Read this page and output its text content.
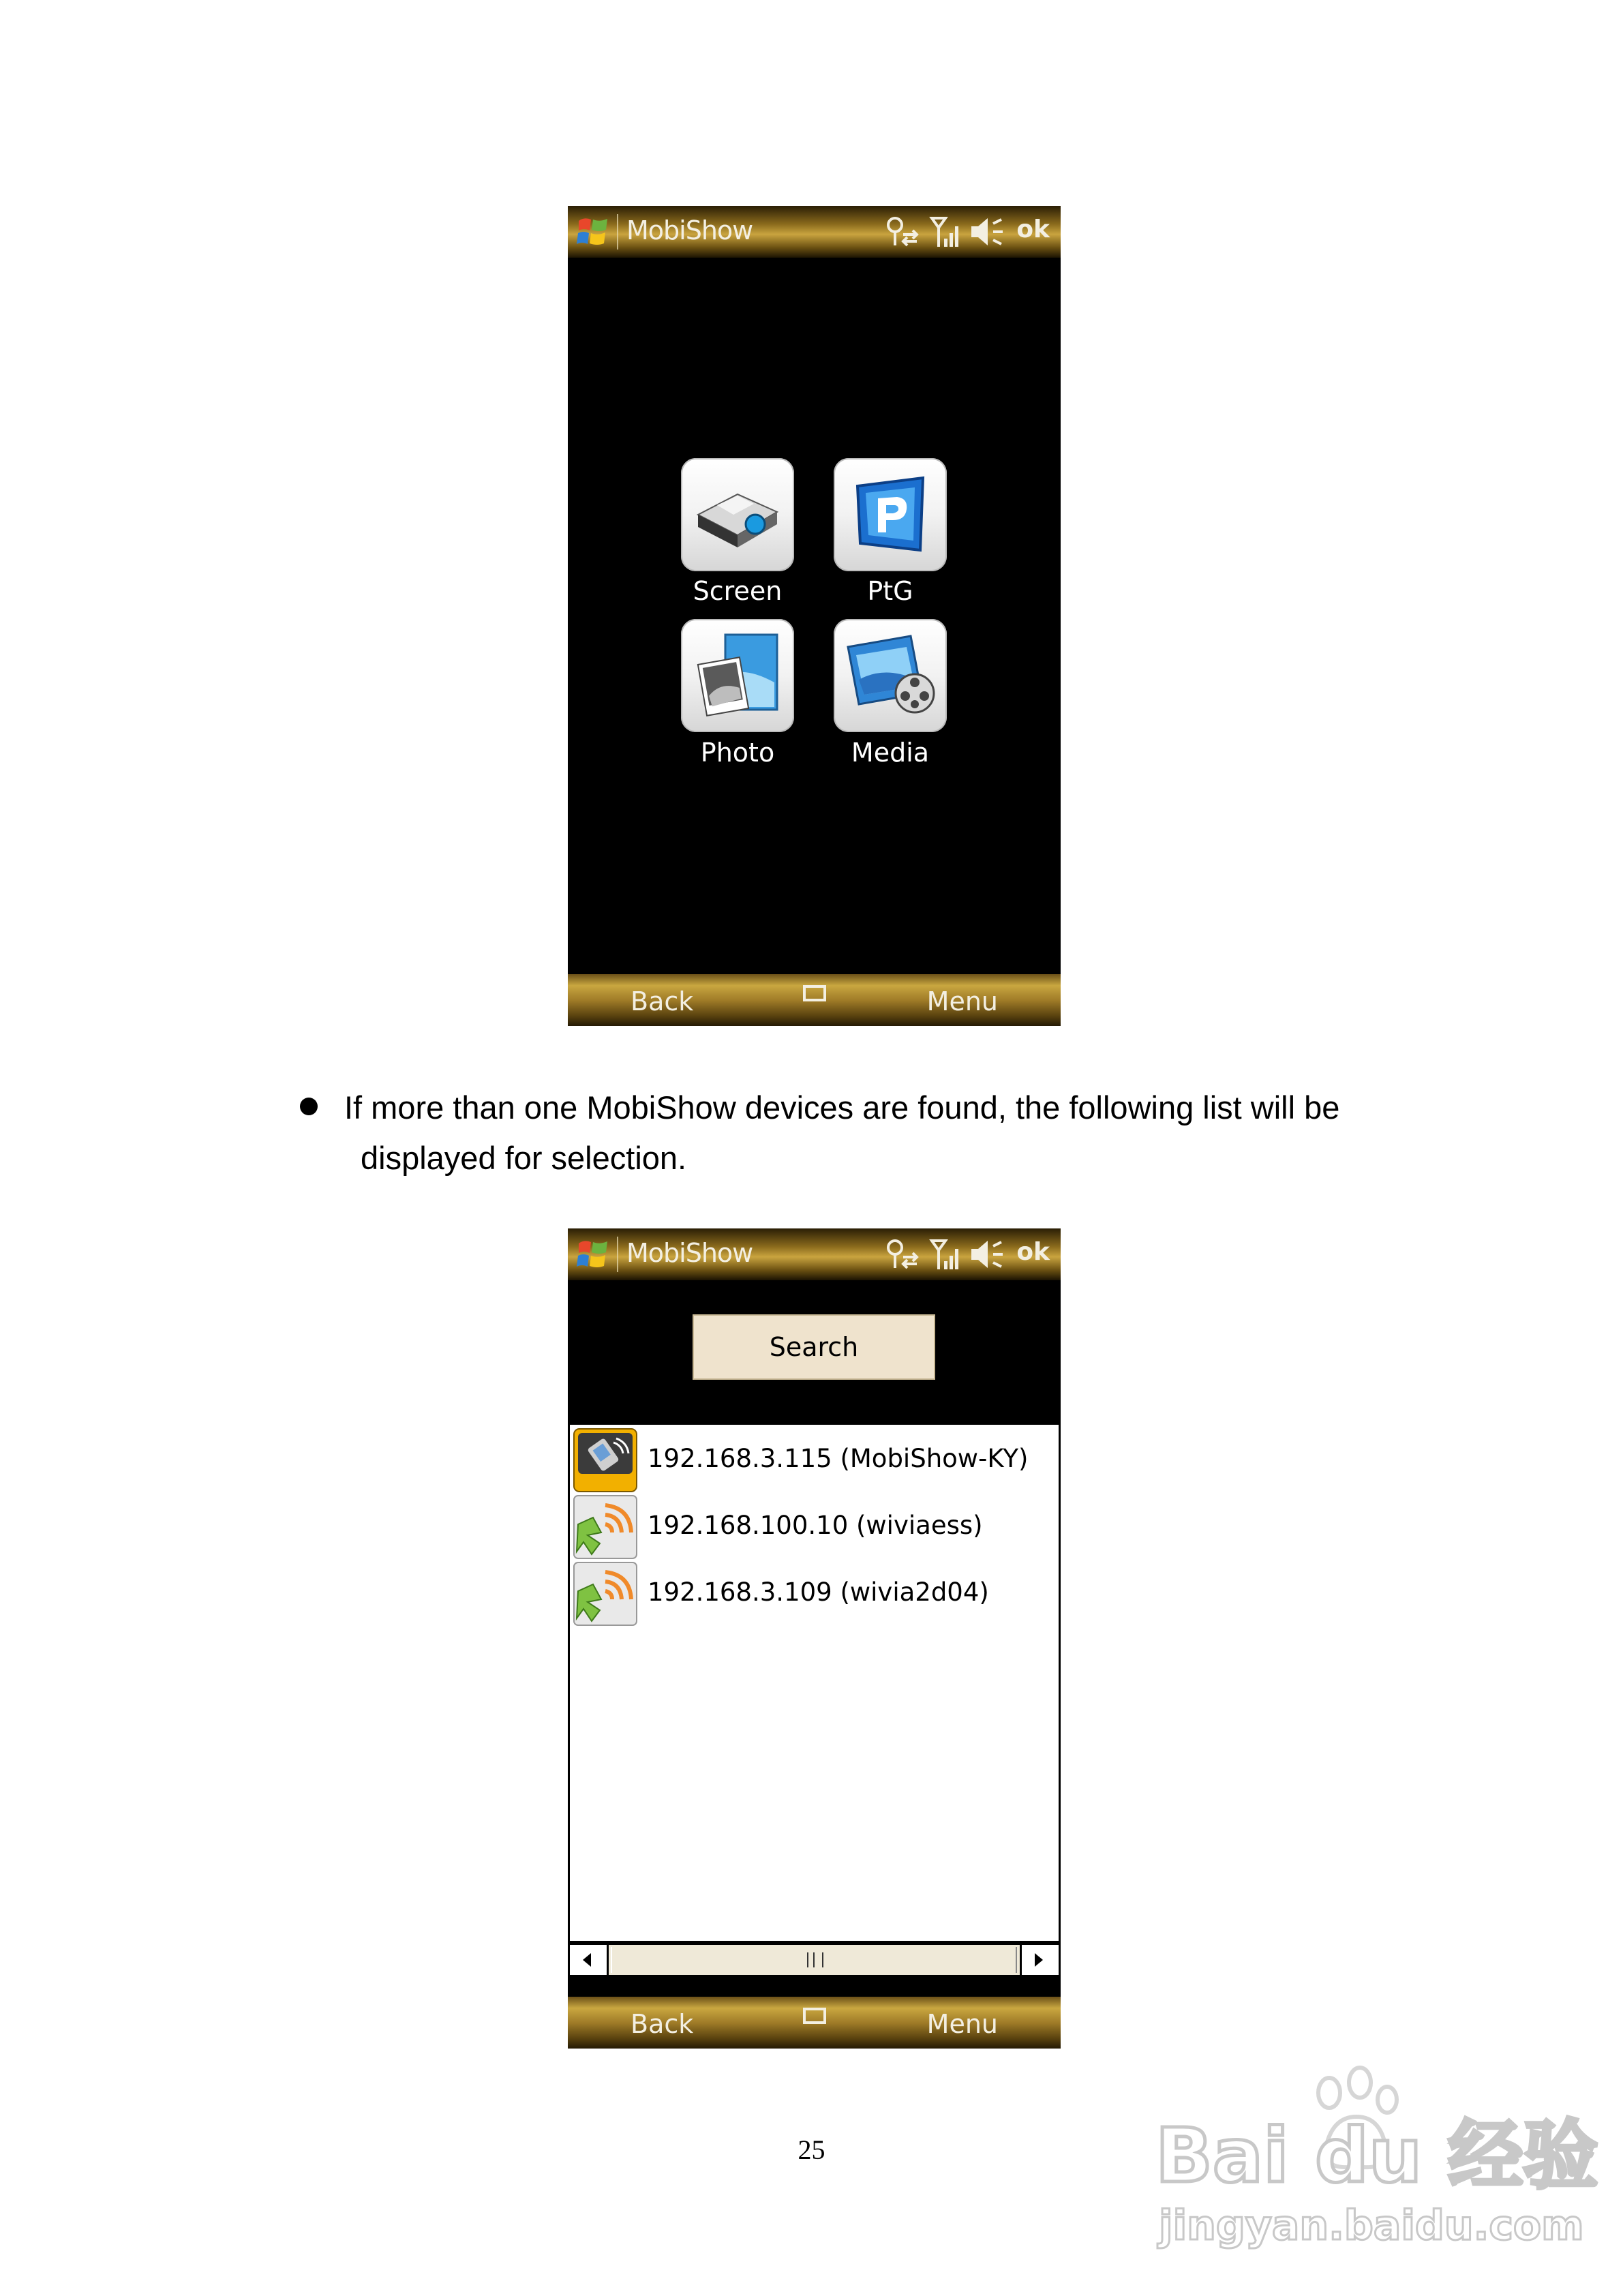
MobiShow	ok
Screen	PtG
Photo	Media
Back	Menu
If more than one MobiShow devices are found, the following list will be
displayed for selection.
MobiShow	ok
Search
192.168.3.115 (MobiShow-KY)
192.168.100.10 (wiviaess)
192.168.3.109 (wivia2d04)
Back	Menu
25	Bai du 经验
jingyan.baidu.com
